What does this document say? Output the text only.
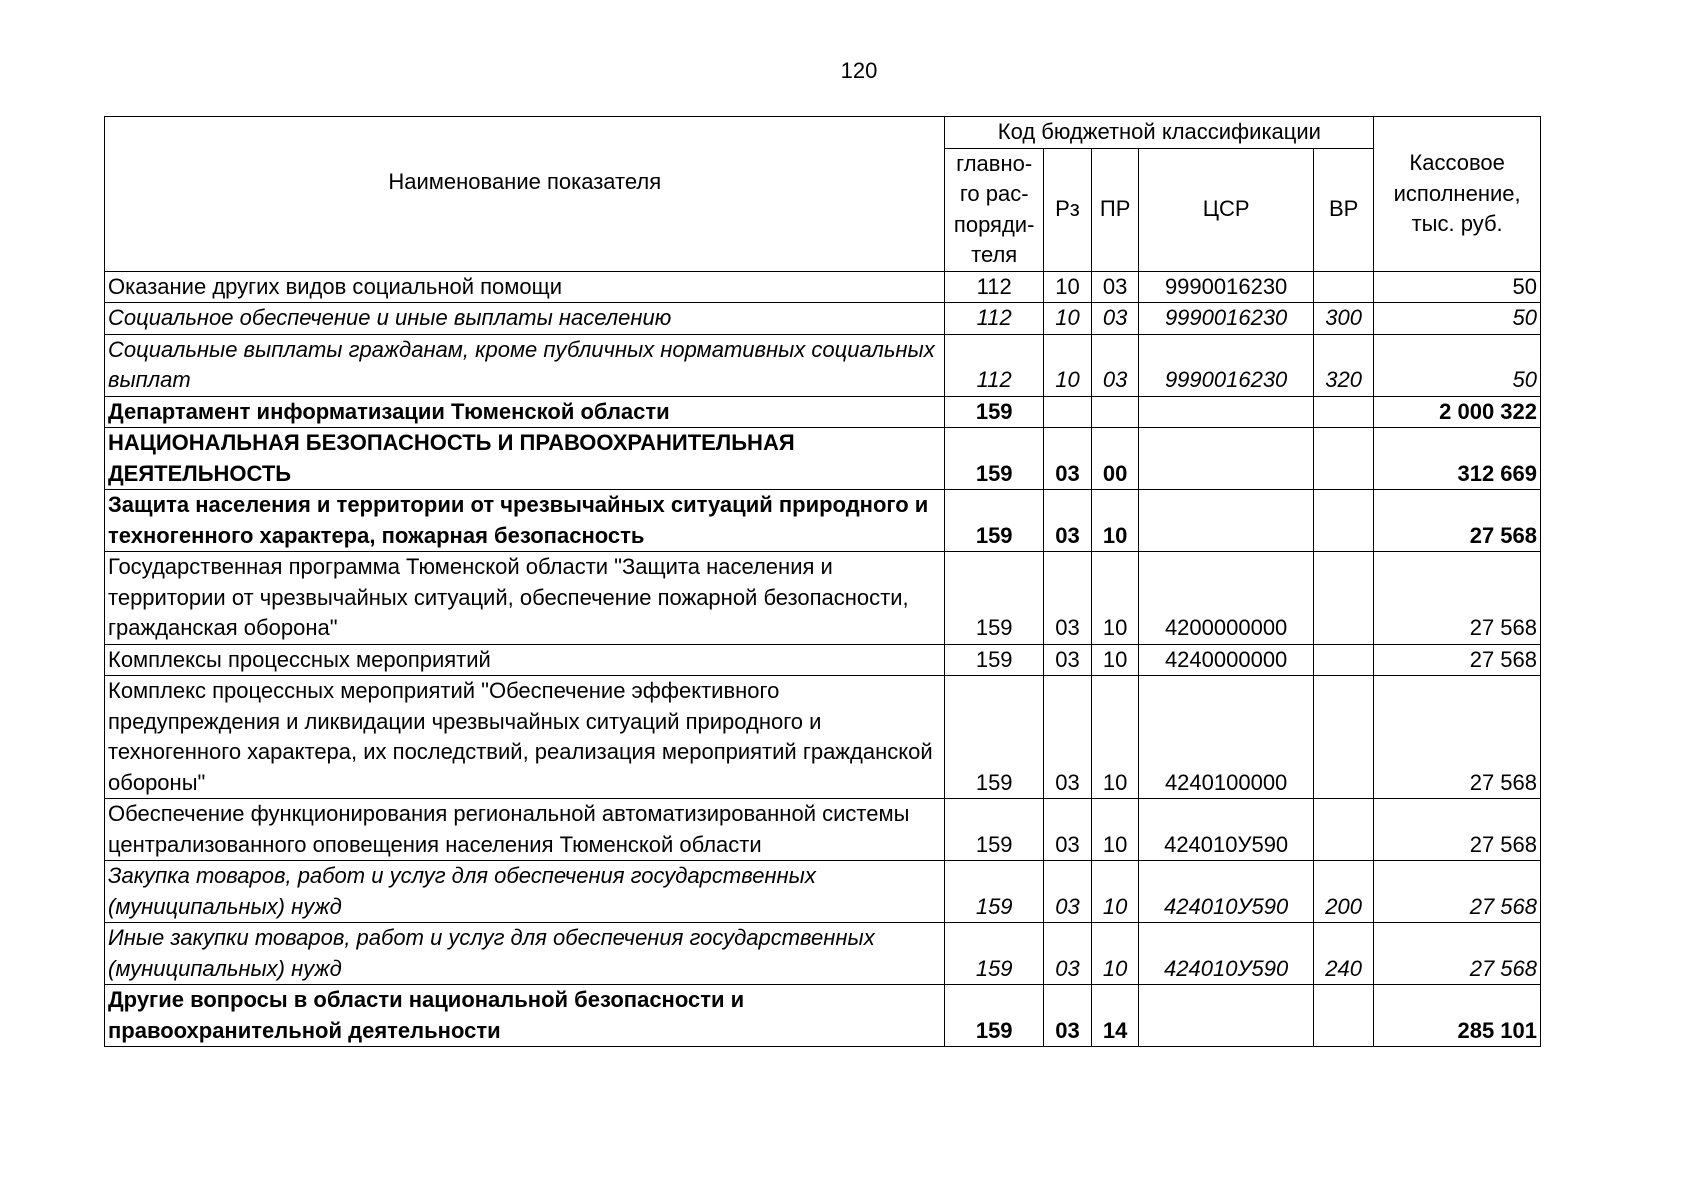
120
Наименование показателя	Код бюджетной классификации					Кассовое
исполнение,
тыс. руб.

	главно-
го рас-
поряди-
теля	Рз	ПР	ЦСР	ВР	
Оказание других видов социальной помощи	112	10	03	9990016230		50
Социальное обеспечение и иные выплаты населению	112	10	03	9990016230	300	50
Социальные выплаты гражданам, кроме публичных нормативных социальных выплат	112	10	03	9990016230	320	50
Департамент информатизации Тюменской области	159					2 000 322
НАЦИОНАЛЬНАЯ БЕЗОПАСНОСТЬ И ПРАВООХРАНИТЕЛЬНАЯ ДЕЯТЕЛЬНОСТЬ	159	03	00			312 669
Защита населения и территории от чрезвычайных ситуаций природного и техногенного характера, пожарная безопасность	159	03	10			27 568
Государственная программа Тюменской области "Защита населения и территории от чрезвычайных ситуаций, обеспечение пожарной безопасности, гражданская оборона"	159	03	10	4200000000		27 568
Комплексы процессных мероприятий	159	03	10	4240000000		27 568
Комплекс процессных мероприятий "Обеспечение эффективного предупреждения и ликвидации чрезвычайных ситуаций природного и техногенного характера, их последствий, реализация мероприятий гражданской обороны"	159	03	10	4240100000		27 568
Обеспечение функционирования региональной автоматизированной системы централизованного оповещения населения Тюменской области	159	03	10	424010У590		27 568
Закупка товаров, работ и услуг для обеспечения государственных (муниципальных) нужд	159	03	10	424010У590	200	27 568
Иные закупки товаров, работ и услуг для обеспечения государственных (муниципальных) нужд	159	03	10	424010У590	240	27 568
Другие вопросы в области национальной безопасности и правоохранительной деятельности	159	03	14			285 101
